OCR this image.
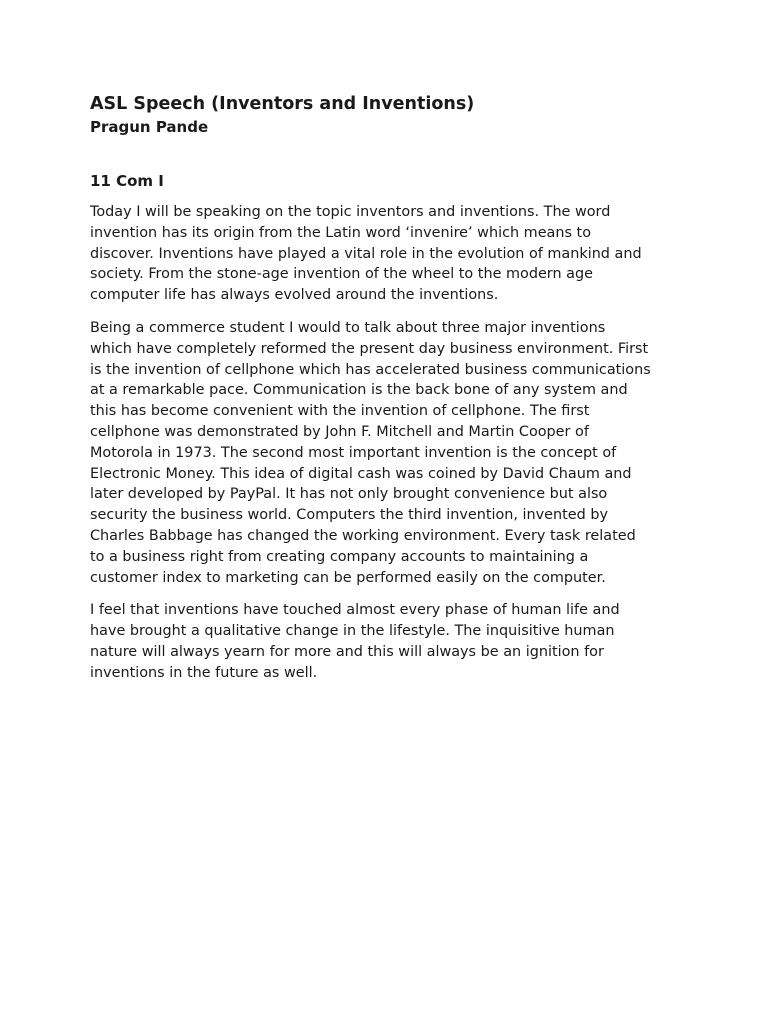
ASL Speech (Inventors and Inventions)

Pragun Pande

11 Com I

Today I will be speaking on the topic inventors and inventions. The word
invention has its origin from the Latin word ‘invenire’ which means to
discover. Inventions have played a vital role in the evolution of mankind and
society. From the stone-age invention of the wheel to the modern age
computer life has always evolved around the inventions.

Being a commerce student I would to talk about three major inventions
which have completely reformed the present day business environment. First
is the invention of cellphone which has accelerated business communications
at a remarkable pace. Communication is the back bone of any system and
this has become convenient with the invention of cellphone. The first
cellphone was demonstrated by John F. Mitchell and Martin Cooper of
Motorola in 1973. The second most important invention is the concept of
Electronic Money. This idea of digital cash was coined by David Chaum and
later developed by PayPal. It has not only brought convenience but also
security the business world. Computers the third invention, invented by
Charles Babbage has changed the working environment. Every task related
to a business right from creating company accounts to maintaining a
customer index to marketing can be performed easily on the computer.

I feel that inventions have touched almost every phase of human life and
have brought a qualitative change in the lifestyle. The inquisitive human
nature will always yearn for more and this will always be an ignition for
inventions in the future as well.
